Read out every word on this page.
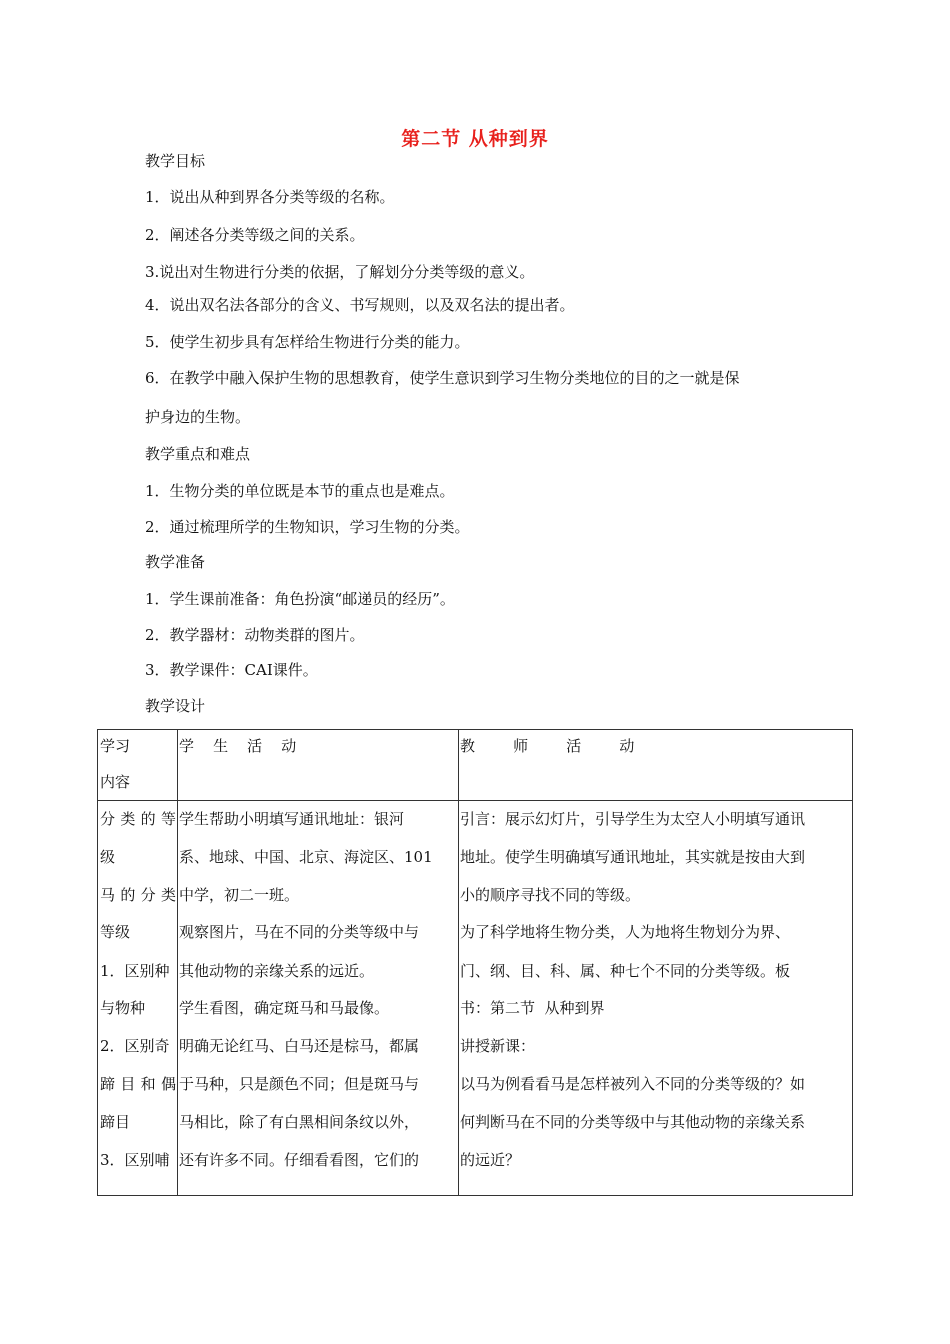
第二节 从种到界
教学目标
1．说出从种到界各分类等级的名称。
2．阐述各分类等级之间的关系。
3.说出对生物进行分类的依据，了解划分分类等级的意义。
4．说出双名法各部分的含义、书写规则，以及双名法的提出者。
5．使学生初步具有怎样给生物进行分类的能力。
6．在教学中融入保护生物的思想教育，使学生意识到学习生物分类地位的目的之一就是保
护身边的生物。
教学重点和难点
1．生物分类的单位既是本节的重点也是难点。
2．通过梳理所学的生物知识，学习生物的分类。
教学准备
1．学生课前准备：角色扮演“邮递员的经历”。
2．教学器材：动物类群的图片。
3．教学课件：CAI课件。
教学设计
学习
内容
学    生    活    动	教        师        活        动
分类的等
级
马的分类
等级
1．区别种
与物种
2．区别奇
蹄目和偶
蹄目
3．区别哺
学生帮助小明填写通讯地址：银河
系、地球、中国、北京、海淀区、101
中学，初二一班。
观察图片，马在不同的分类等级中与
其他动物的亲缘关系的远近。
学生看图，确定斑马和马最像。
明确无论红马、白马还是棕马，都属
于马种，只是颜色不同；但是斑马与
马相比，除了有白黑相间条纹以外，
还有许多不同。仔细看看图，它们的
引言：展示幻灯片，引导学生为太空人小明填写通讯
地址。使学生明确填写通讯地址，其实就是按由大到
小的顺序寻找不同的等级。
为了科学地将生物分类，人为地将生物划分为界、
门、纲、目、科、属、种七个不同的分类等级。板
书：第二节  从种到界
讲授新课：
以马为例看看马是怎样被列入不同的分类等级的？如
何判断马在不同的分类等级中与其他动物的亲缘关系
的远近？
